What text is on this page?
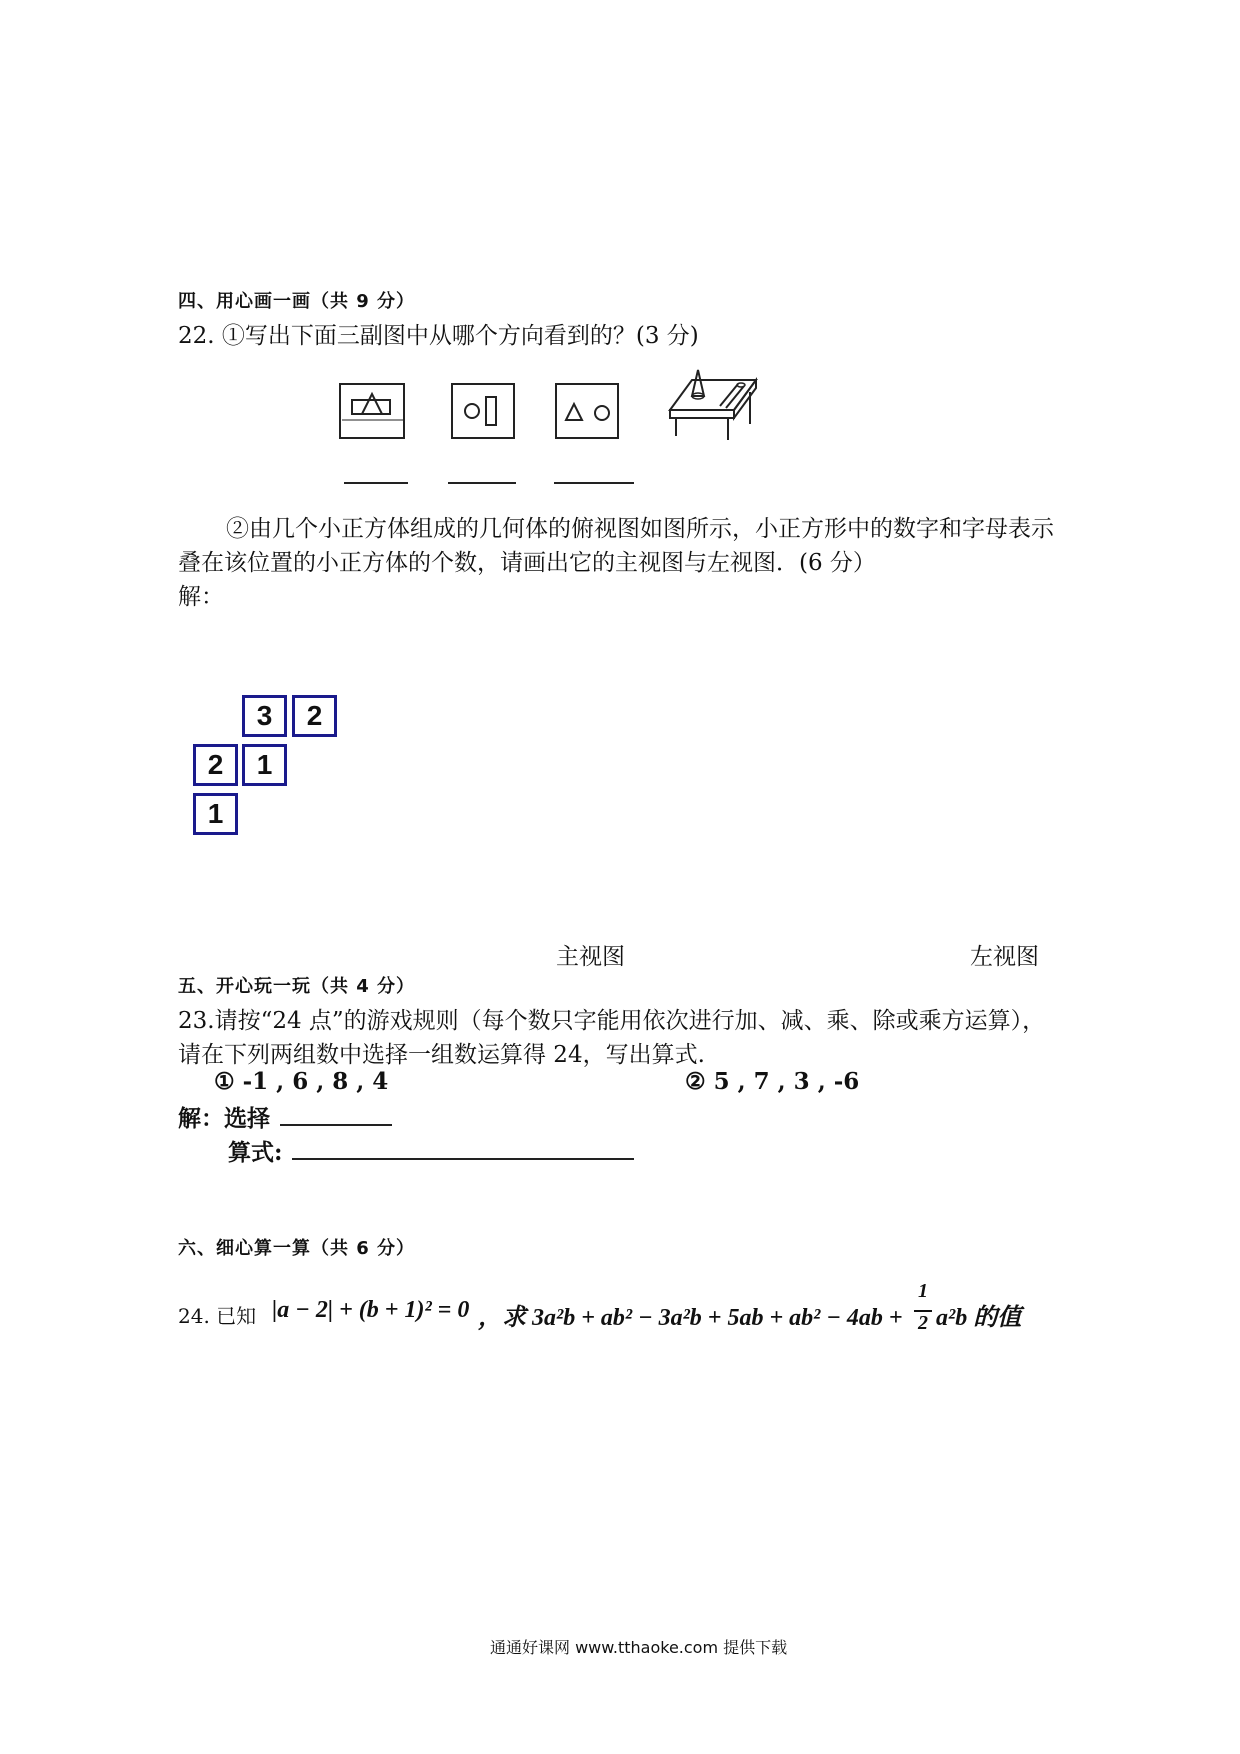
四、用心画一画（共 9 分）
22. ①写出下面三副图中从哪个方向看到的？(3 分)
②由几个小正方体组成的几何体的俯视图如图所示，小正方形中的数字和字母表示
叠在该位置的小正方体的个数，请画出它的主视图与左视图．(6 分）
解：
3	2
2	1
1
主视图	左视图
五、开心玩一玩（共 4 分）
23.请按“24 点”的游戏规则（每个数只字能用依次进行加、减、乘、除或乘方运算），
请在下列两组数中选择一组数运算得 24，写出算式.
① -1 , 6 , 8 , 4	② 5 , 7 , 3 , -6
解：选择
算式:
六、细心算一算（共 6 分）
24. 已知 |a − 2| + (b + 1)² = 0 ，求 3a²b + ab² − 3a²b + 5ab + ab² − 4ab +
1
2 a²b 的值
通通好课网 www.tthaoke.com 提供下载
